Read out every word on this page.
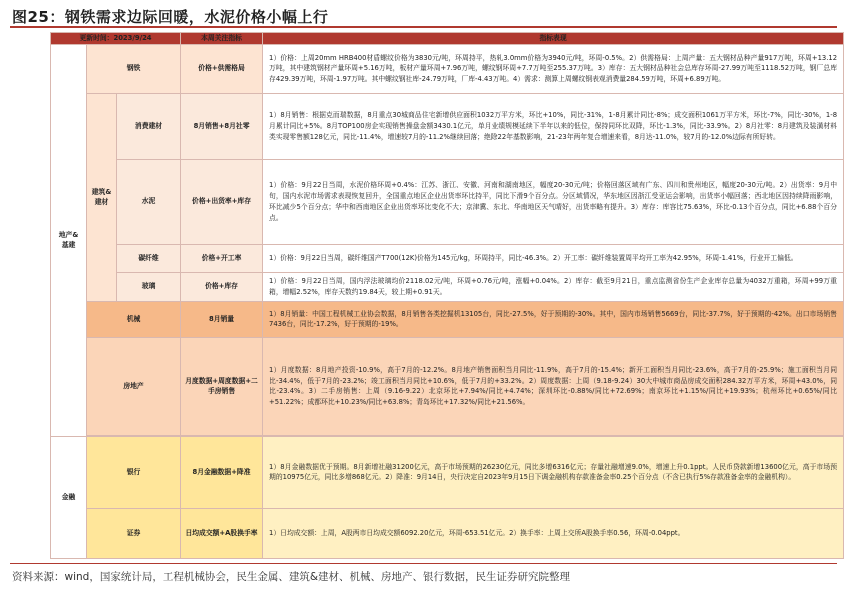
图25：钢铁需求边际回暖，水泥价格小幅上行
更新时间：2023/9/24			本周关注指标	指标表现
地产&基建	钢铁		价格+供需格局	1）价格：上周20mm HRB400材盾螺纹价格为3830元/吨，环周持平，热轧3.0mm价格为3940元/吨，环周-0.5%。2）供需格局：上周产量：五大钢材品种产量917万吨，环周+13.12万吨，其中建筑钢材产量环周+5.16万吨，板材产量环周+7.96万吨，螺纹钢环周+7.7万吨至255.37万吨。3）库存：五大钢材品种社会总库存环周-27.99万吨至1118.52万吨，钢厂总库存429.39万吨，环周-1.97万吨。其中螺纹钢社库-24.79万吨，厂库-4.43万吨。4）需求：测算上周螺纹钢表观消费量284.59万吨，环周+6.89万吨。
	建筑&建材	消费建材	8月销售+8月社零	1）8月销售：根据克而瑞数据，8月重点30城商品住宅新增供应面积1032万平方米，环比+10%，同比-31%，1-8月累计同比-8%；成交面积1061万平方米，环比-7%，同比-30%，1-8月累计同比+5%。8月TOP100房企实现销售操盘金额3430.1亿元，单月业绩规模延续下半年以来的低位，保持同环比双降，环比-1.3%，同比-33.9%。2）8月社零：8月建筑及装潢材料类实现零售额128亿元，同比-11.4%，增速较7月的-11.2%继续回落；绝除22年基数影响，21-23年两年复合增速来看，8月达-11.0%，较7月的-12.0%边际有所好转。
		水泥	价格+出货率+库存	1）价格：9月22日当周，水泥价格环周+0.4%：江苏、浙江、安徽、河南和湖南地区，幅度20-30元/吨；价格回落区域有广东、四川和贵州地区，幅度20-30元/吨。2）出货率：9月中旬，国内水泥市场需求表现恢复回升，全国重点地区企业出货率环比持平，同比下滑9个百分点。分区域情况，华东地区因浙江受亚运会影响，出货率小幅回落；西北地区因持续降雨影响，环比减少5个百分点；华中和西南地区企业出货率环比变化不大；京津冀、东北、华南地区天气晴好，出货率略有提升。3）库存：库容比75.63%，环比-0.13个百分点，同比+6.88个百分点。
		碳纤维	价格+开工率	1）价格：9月22日当周，碳纤维国产T700(12K)价格为145元/kg，环周持平，同比-46.3%。2）开工率：碳纤维装置周平均开工率为42.95%，环周-1.41%，行业开工偏低。
		玻璃	价格+库存	1）价格：9月22日当周，国内浮法玻璃均价2118.02元/吨，环周+0.76元/吨，涨幅+0.04%。2）库存：截至9月21日，重点监测省份生产企业库存总量为4032万重箱，环周+99万重箱，增幅2.52%，库存天数约19.84天，较上期+0.91天。
	机械		8月销量	1）8月销量：中国工程机械工业协会数据，8月销售各类挖掘机13105台，同比-27.5%，好于预期的-30%。其中，国内市场销售5669台，同比-37.7%，好于预期的-42%。出口市场销售7436台，同比-17.2%，好于预期的-19%。
	房地产		月度数据+周度数据+二手房销售	1）月度数据：8月地产投资-10.9%，高于7月的-12.2%。8月地产销售面积当月同比-11.9%，高于7月的-15.4%；新开工面积当月同比-23.6%，高于7月的-25.9%；施工面积当月同比-34.4%，低于7月的-23.2%；竣工面积当月同比+10.6%，低于7月的+33.2%。2）周度数据：上周（9.18-9.24）30大中城市商品房成交面积284.32万平方米，环周+43.0%，同比-23.4%。3）二手房销售：上周（9.16-9.22）北京环比+7.94%/同比+4.74%；深圳环比-0.88%/同比+72.69%；南京环比+1.15%/同比+19.93%；杭州环比+0.65%/同比+51.22%；成都环比+10.23%/同比+63.8%；青岛环比+17.32%/同比+21.56%。

金融	银行		8月金融数据+降准	1）8月金融数据优于预期。8月新增社融31200亿元，高于市场预期的26230亿元，同比多增6316亿元；存量社融增速9.0%，增速上升0.1ppt。人民币贷款新增13600亿元，高于市场预期的10975亿元，同比多增868亿元。2）降准：9月14日，央行决定自2023年9月15日下调金融机构存款准备金率0.25个百分点（不含已执行5%存款准备金率的金融机构）。
	证券		日均成交额+A股换手率	1）日均成交额：上周，A股两市日均成交额6092.20亿元，环周-653.51亿元。2）换手率：上周上交所A股换手率0.56，环周-0.04ppt。
资料来源：wind，国家统计局，工程机械协会，民生金属、建筑&建材、机械、房地产、银行数据，民生证券研究院整理
